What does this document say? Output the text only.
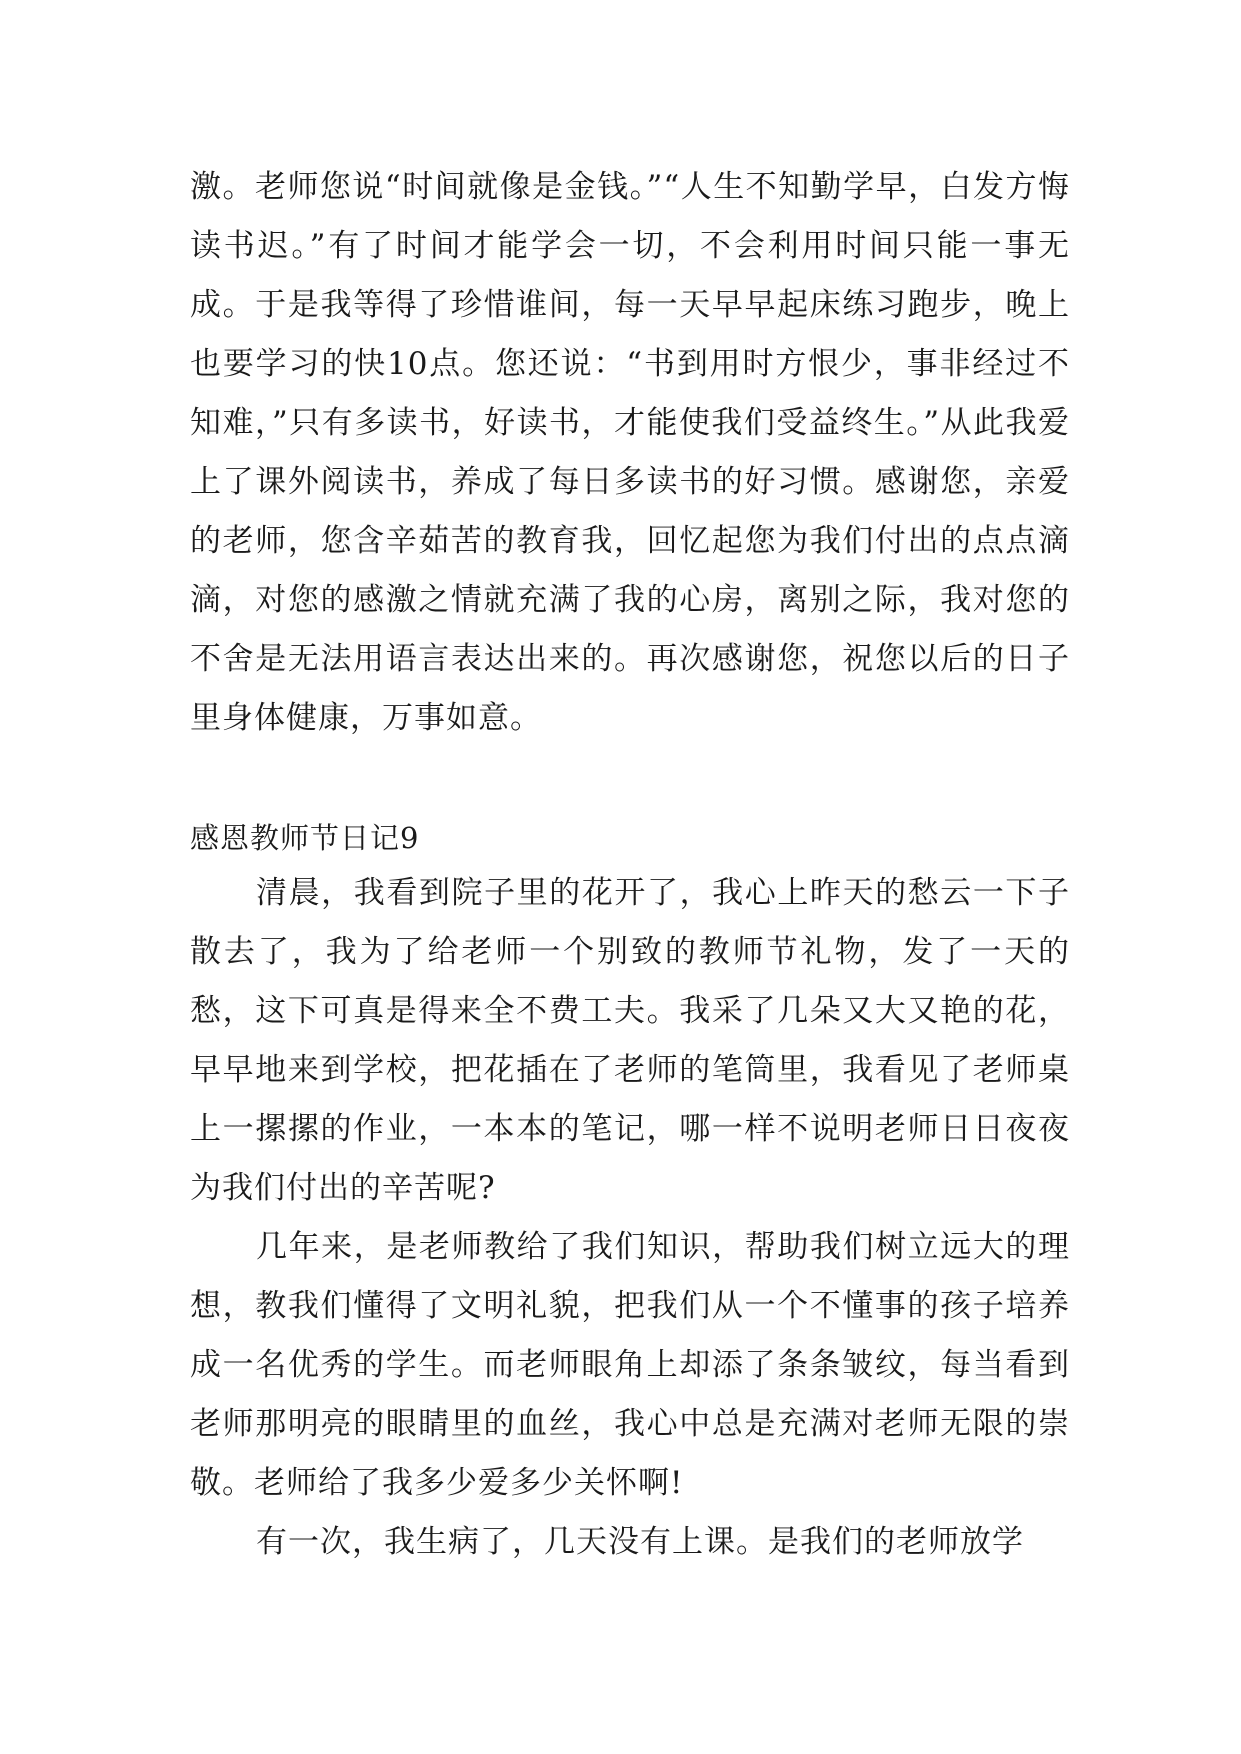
激。老师您说“时间就像是金钱。”“人生不知勤学早，白发方悔读书迟。”有了时间才能学会一切，不会利用时间只能一事无成。于是我等得了珍惜谁间，每一天早早起床练习跑步，晚上也要学习的快10点。您还说：“书到用时方恨少，事非经过不知难，”只有多读书，好读书，才能使我们受益终生。”从此我爱上了课外阅读书，养成了每日多读书的好习惯。感谢您，亲爱的老师，您含辛茹苦的教育我，回忆起您为我们付出的点点滴滴，对您的感激之情就充满了我的心房，离别之际，我对您的不舍是无法用语言表达出来的。再次感谢您，祝您以后的日子里身体健康，万事如意。

感恩教师节日记9

清晨，我看到院子里的花开了，我心上昨天的愁云一下子散去了，我为了给老师一个别致的教师节礼物，发了一天的愁，这下可真是得来全不费工夫。我采了几朵又大又艳的花，早早地来到学校，把花插在了老师的笔筒里，我看见了老师桌上一摞摞的作业，一本本的笔记，哪一样不说明老师日日夜夜为我们付出的辛苦呢?

几年来，是老师教给了我们知识，帮助我们树立远大的理想，教我们懂得了文明礼貌，把我们从一个不懂事的孩子培养成一名优秀的学生。而老师眼角上却添了条条皱纹，每当看到老师那明亮的眼睛里的血丝，我心中总是充满对老师无限的崇敬。老师给了我多少爱多少关怀啊!

有一次，我生病了，几天没有上课。是我们的老师放学
